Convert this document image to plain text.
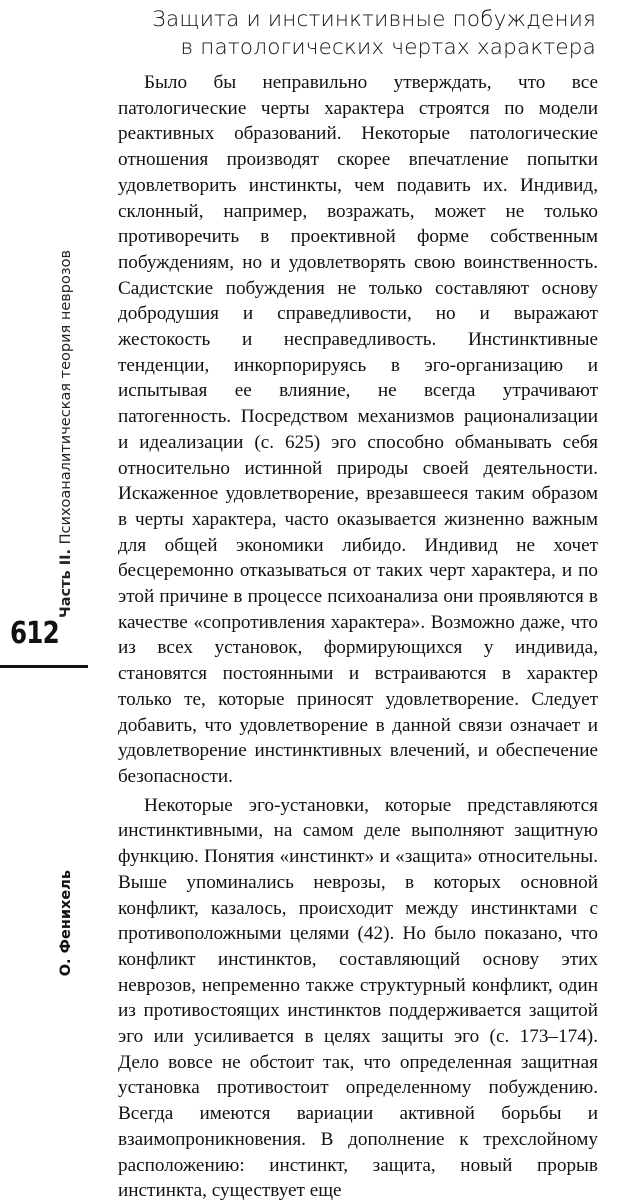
Защита и инстинктивные побуждения
в патологических чертах характера

Было бы неправильно утверждать, что все патологические черты характера строятся по модели реактивных образований. Некоторые патологические отношения производят скорее впечатление попытки удовлетворить инстинкты, чем подавить их. Индивид, склонный, например, возражать, может не только противоречить в проективной форме собственным побуждениям, но и удовлетворять свою воинственность. Садистские побуждения не только составляют основу добродушия и справедливости, но и выражают жестокость и несправедливость. Инстинктивные тенденции, инкорпорируясь в эго-организацию и испытывая ее влияние, не всегда утрачивают патогенность. Посредством механизмов рационализации и идеализации (с. 625) эго способно обманывать себя относительно истинной природы своей деятельности. Искаженное удовлетворение, врезавшееся таким образом в черты характера, часто оказывается жизненно важным для общей экономики либидо. Индивид не хочет бесцеремонно отказываться от таких черт характера, и по этой причине в процессе психоанализа они проявляются в качестве «сопротивления характера». Возможно даже, что из всех установок, формирующихся у индивида, становятся постоянными и встраиваются в характер только те, которые приносят удовлетворение. Следует добавить, что удовлетворение в данной связи означает и удовлетворение инстинктивных влечений, и обеспечение безопасности.

Некоторые эго-установки, которые представляются инстинктивными, на самом деле выполняют защитную функцию. Понятия «инстинкт» и «защита» относительны. Выше упоминались неврозы, в которых основной конфликт, казалось, происходит между инстинктами с противоположными целями (42). Но было показано, что конфликт инстинктов, составляющий основу этих неврозов, непременно также структурный конфликт, один из противостоящих инстинктов поддерживается защитой эго или усиливается в целях защиты эго (с. 173–174). Дело вовсе не обстоит так, что определенная защитная установка противостоит определенному побуждению. Всегда имеются вариации активной борьбы и взаимопроникновения. В дополнение к трехслойному расположению: инстинкт, защита, новый прорыв инстинкта, существует еще

Часть II. Психоаналитическая теория неврозов
612
О. Фенихель
